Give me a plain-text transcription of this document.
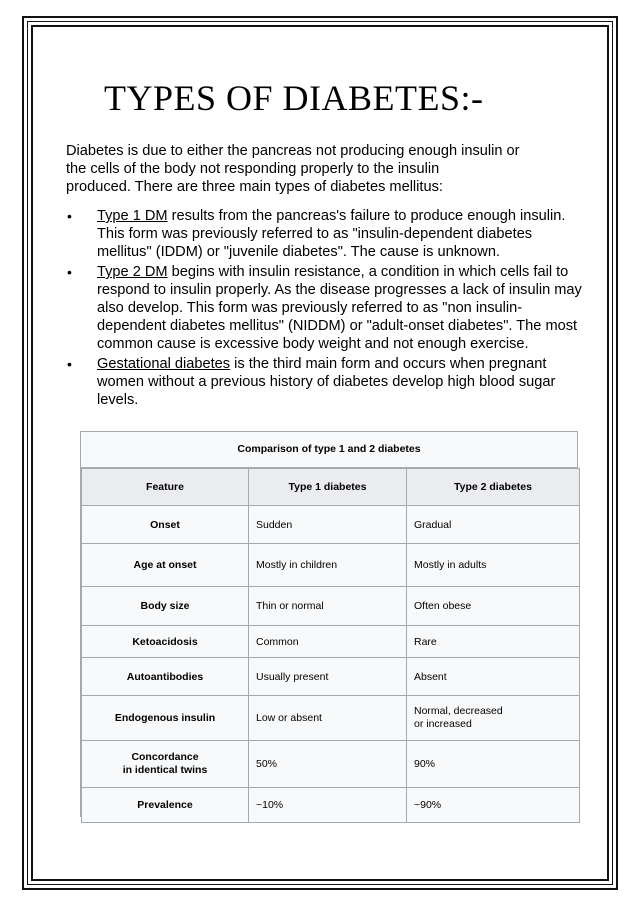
TYPES OF DIABETES:-

Diabetes is due to either the pancreas not producing enough insulin or

the cells of the body not responding properly to the insulin

produced. There are three main types of diabetes mellitus:

• Type 1 DM results from the pancreas's failure to produce enough insulin. This form was previously referred to as "insulin-dependent diabetes mellitus" (IDDM) or "juvenile diabetes". The cause is unknown.
• Type 2 DM begins with insulin resistance, a condition in which cells fail to respond to insulin properly. As the disease progresses a lack of insulin may also develop. This form was previously referred to as "non insulin-dependent diabetes mellitus" (NIDDM) or "adult-onset diabetes". The most common cause is excessive body weight and not enough exercise.
• Gestational diabetes is the third main form and occurs when pregnant women without a previous history of diabetes develop high blood sugar levels.
Comparison of type 1 and 2 diabetes
Feature	Type 1 diabetes	Type 2 diabetes
Onset	Sudden	Gradual
Age at onset	Mostly in children	Mostly in adults
Body size	Thin or normal	Often obese
Ketoacidosis	Common	Rare
Autoantibodies	Usually present	Absent
Endogenous insulin	Low or absent	Normal, decreased
or increased

Concordance
in identical twins	50%	90%
Prevalence	~10%	~90%
